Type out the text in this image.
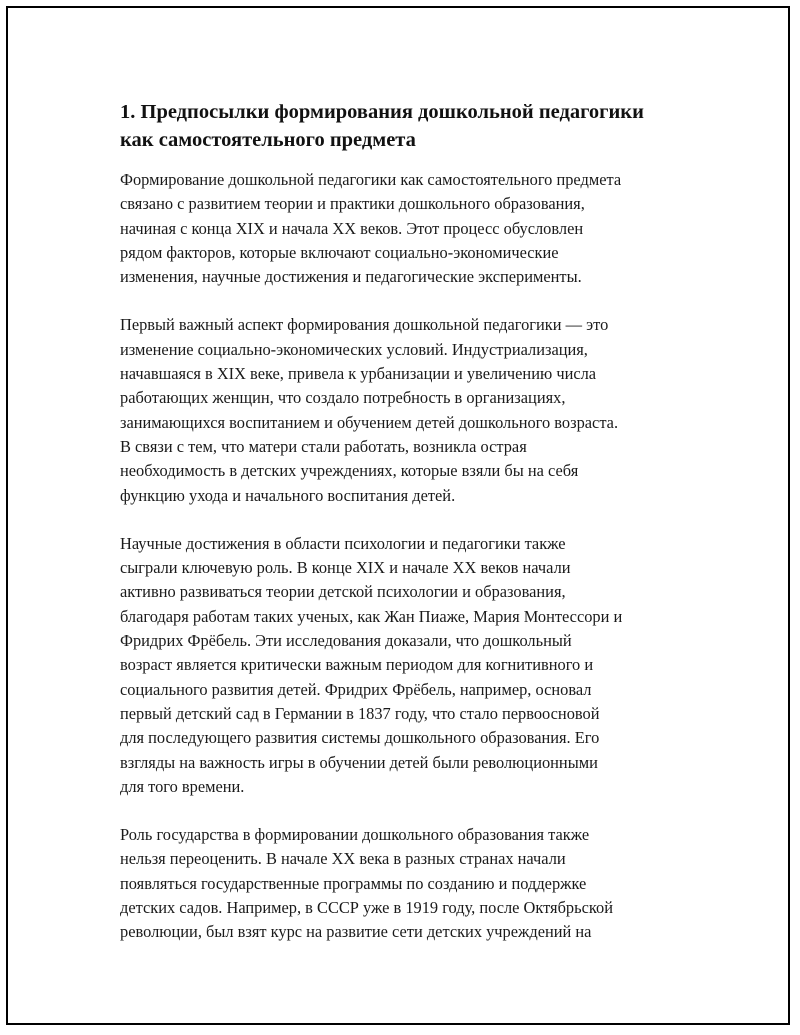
1. Предпосылки формирования дошкольной педагогики
как самостоятельного предмета

Формирование дошкольной педагогики как самостоятельного предмета
связано с развитием теории и практики дошкольного образования,
начиная с конца XIX и начала XX веков. Этот процесс обусловлен
рядом факторов, которые включают социально-экономические
изменения, научные достижения и педагогические эксперименты.

Первый важный аспект формирования дошкольной педагогики — это
изменение социально-экономических условий. Индустриализация,
начавшаяся в XIX веке, привела к урбанизации и увеличению числа
работающих женщин, что создало потребность в организациях,
занимающихся воспитанием и обучением детей дошкольного возраста.
В связи с тем, что матери стали работать, возникла острая
необходимость в детских учреждениях, которые взяли бы на себя
функцию ухода и начального воспитания детей.

Научные достижения в области психологии и педагогики также
сыграли ключевую роль. В конце XIX и начале XX веков начали
активно развиваться теории детской психологии и образования,
благодаря работам таких ученых, как Жан Пиаже, Мария Монтессори и
Фридрих Фрёбель. Эти исследования доказали, что дошкольный
возраст является критически важным периодом для когнитивного и
социального развития детей. Фридрих Фрёбель, например, основал
первый детский сад в Германии в 1837 году, что стало первоосновой
для последующего развития системы дошкольного образования. Его
взгляды на важность игры в обучении детей были революционными
для того времени.

Роль государства в формировании дошкольного образования также
нельзя переоценить. В начале XX века в разных странах начали
появляться государственные программы по созданию и поддержке
детских садов. Например, в СССР уже в 1919 году, после Октябрьской
революции, был взят курс на развитие сети детских учреждений на
